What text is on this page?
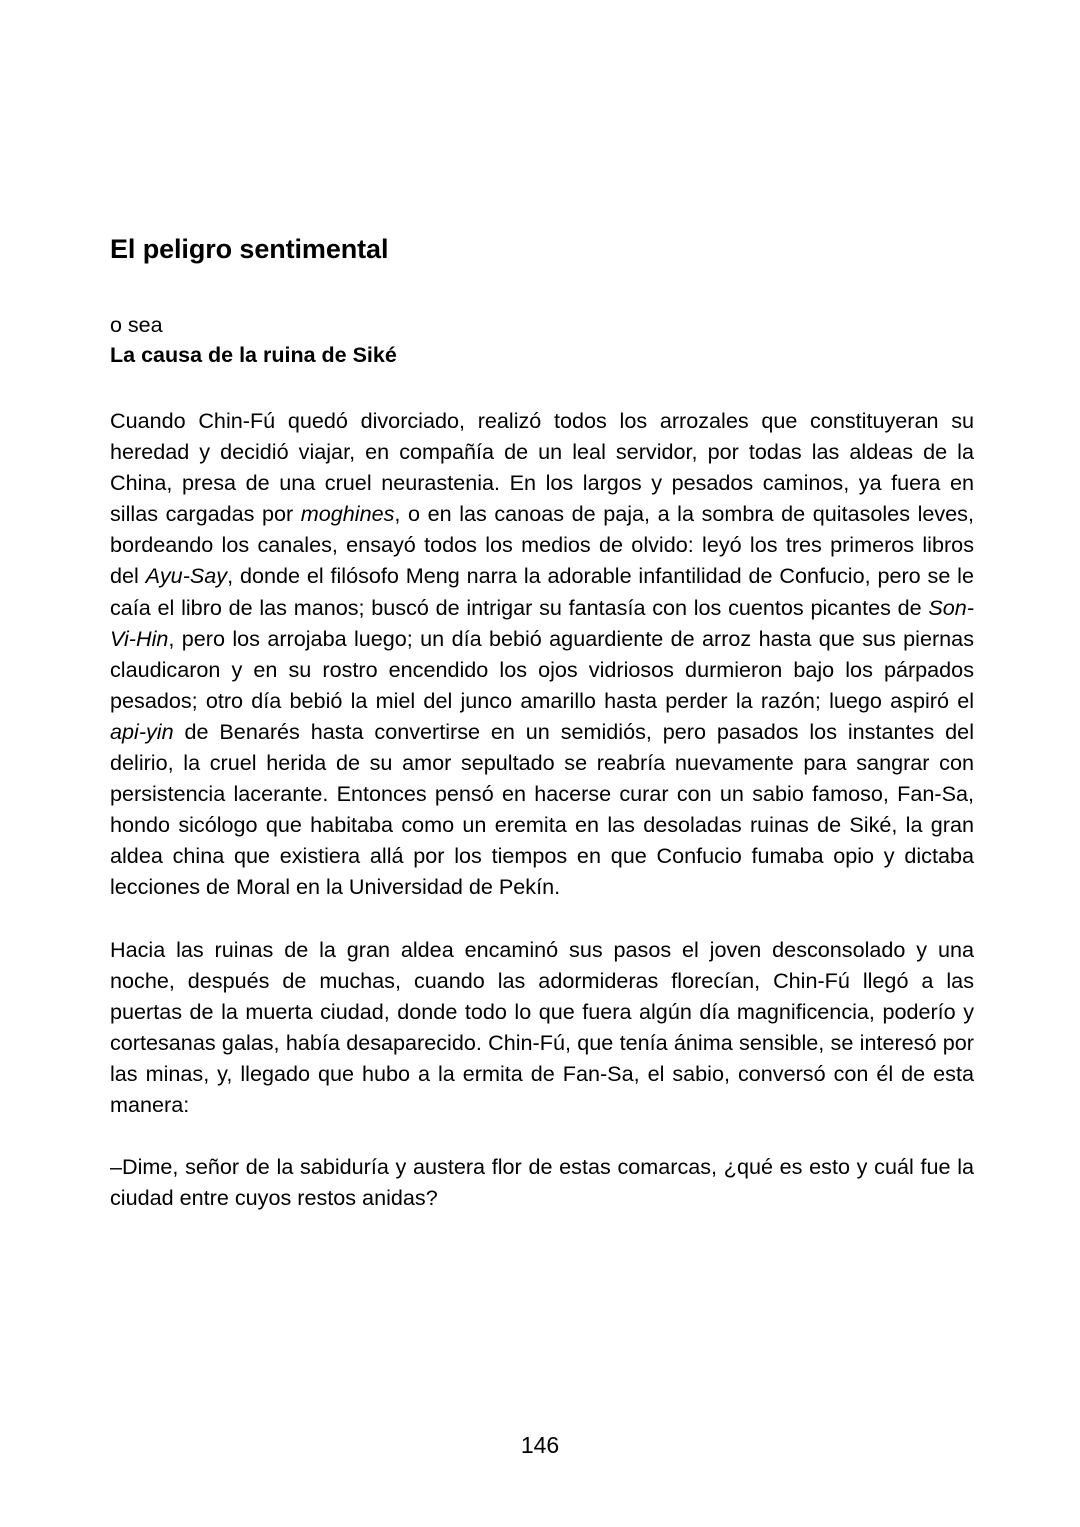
El peligro sentimental

o sea

La causa de la ruina de Siké

Cuando Chin-Fú quedó divorciado, realizó todos los arrozales que constituyeran su heredad y decidió viajar, en compañía de un leal servidor, por todas las aldeas de la China, presa de una cruel neurastenia. En los largos y pesados caminos, ya fuera en sillas cargadas por moghines, o en las canoas de paja, a la sombra de quitasoles leves, bordeando los canales, ensayó todos los medios de olvido: leyó los tres primeros libros del Ayu-Say, donde el filósofo Meng narra la adorable infantilidad de Confucio, pero se le caía el libro de las manos; buscó de intrigar su fantasía con los cuentos picantes de Son-Vi-Hin, pero los arrojaba luego; un día bebió aguardiente de arroz hasta que sus piernas claudicaron y en su rostro encendido los ojos vidriosos durmieron bajo los párpados pesados; otro día bebió la miel del junco amarillo hasta perder la razón; luego aspiró el api-yin de Benarés hasta convertirse en un semidiós, pero pasados los instantes del delirio, la cruel herida de su amor sepultado se reabría nuevamente para sangrar con persistencia lacerante. Entonces pensó en hacerse curar con un sabio famoso, Fan-Sa, hondo sicólogo que habitaba como un eremita en las desoladas ruinas de Siké, la gran aldea china que existiera allá por los tiempos en que Confucio fumaba opio y dictaba lecciones de Moral en la Universidad de Pekín.

Hacia las ruinas de la gran aldea encaminó sus pasos el joven desconsolado y una noche, después de muchas, cuando las adormideras florecían, Chin-Fú llegó a las puertas de la muerta ciudad, donde todo lo que fuera algún día magnificencia, poderío y cortesanas galas, había desaparecido. Chin-Fú, que tenía ánima sensible, se interesó por las minas, y, llegado que hubo a la ermita de Fan-Sa, el sabio, conversó con él de esta manera:

–Dime, señor de la sabiduría y austera flor de estas comarcas, ¿qué es esto y cuál fue la ciudad entre cuyos restos anidas?

146
